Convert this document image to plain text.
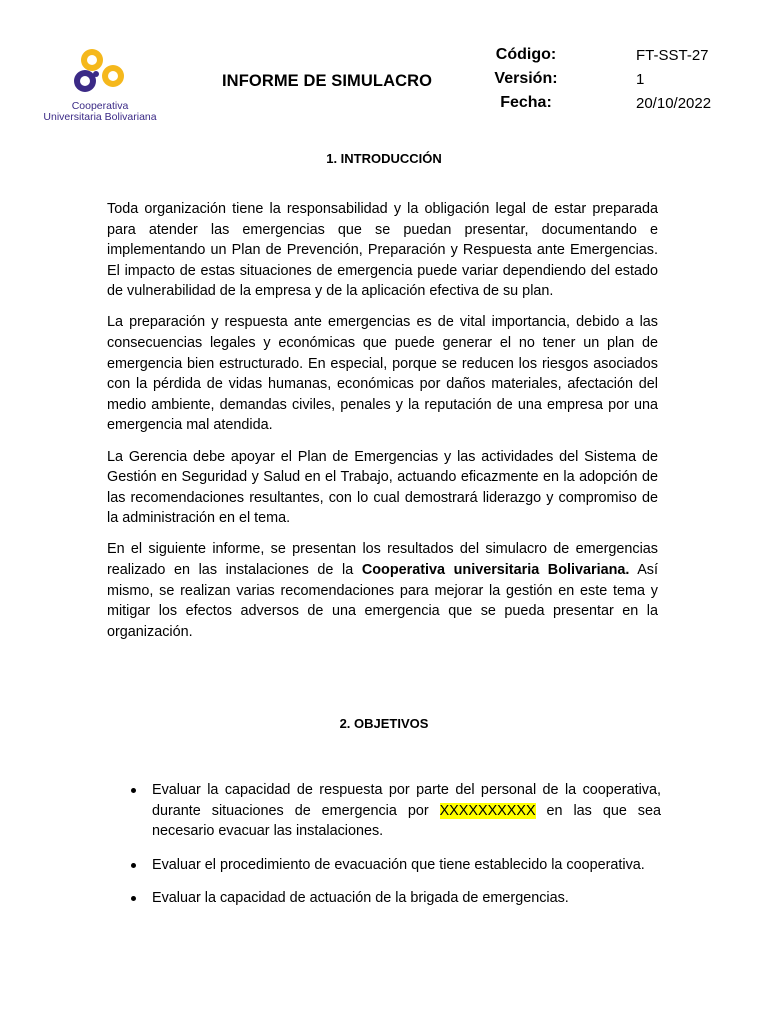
Cooperativa
Universitaria Bolivariana
INFORME DE SIMULACRO
Código:
Versión:
Fecha:
FT-SST-27
1
20/10/2022
1. INTRODUCCIÓN

Toda organización tiene la responsabilidad y la obligación legal de estar preparada para atender las emergencias que se puedan presentar, documentando e implementando un Plan de Prevención, Preparación y Respuesta ante Emergencias. El impacto de estas situaciones de emergencia puede variar dependiendo del estado de vulnerabilidad de la empresa y de la aplicación efectiva de su plan.

La preparación y respuesta ante emergencias es de vital importancia, debido a las consecuencias legales y económicas que puede generar el no tener un plan de emergencia bien estructurado. En especial, porque se reducen los riesgos asociados con la pérdida de vidas humanas, económicas por daños materiales, afectación del medio ambiente, demandas civiles, penales y la reputación de una empresa por una emergencia mal atendida.

La Gerencia debe apoyar el Plan de Emergencias y las actividades del Sistema de Gestión en Seguridad y Salud en el Trabajo, actuando eficazmente en la adopción de las recomendaciones resultantes, con lo cual demostrará liderazgo y compromiso de la administración en el tema.

En el siguiente informe, se presentan los resultados del simulacro de emergencias realizado en las instalaciones de la Cooperativa universitaria Bolivariana. Así mismo, se realizan varias recomendaciones para mejorar la gestión en este tema y mitigar los efectos adversos de una emergencia que se pueda presentar en la organización.

2. OBJETIVOS
Evaluar la capacidad de respuesta por parte del personal de la cooperativa, durante situaciones de emergencia por XXXXXXXXXX en las que sea necesario evacuar las instalaciones.
Evaluar el procedimiento de evacuación que tiene establecido la cooperativa.
Evaluar la capacidad de actuación de la brigada de emergencias.
